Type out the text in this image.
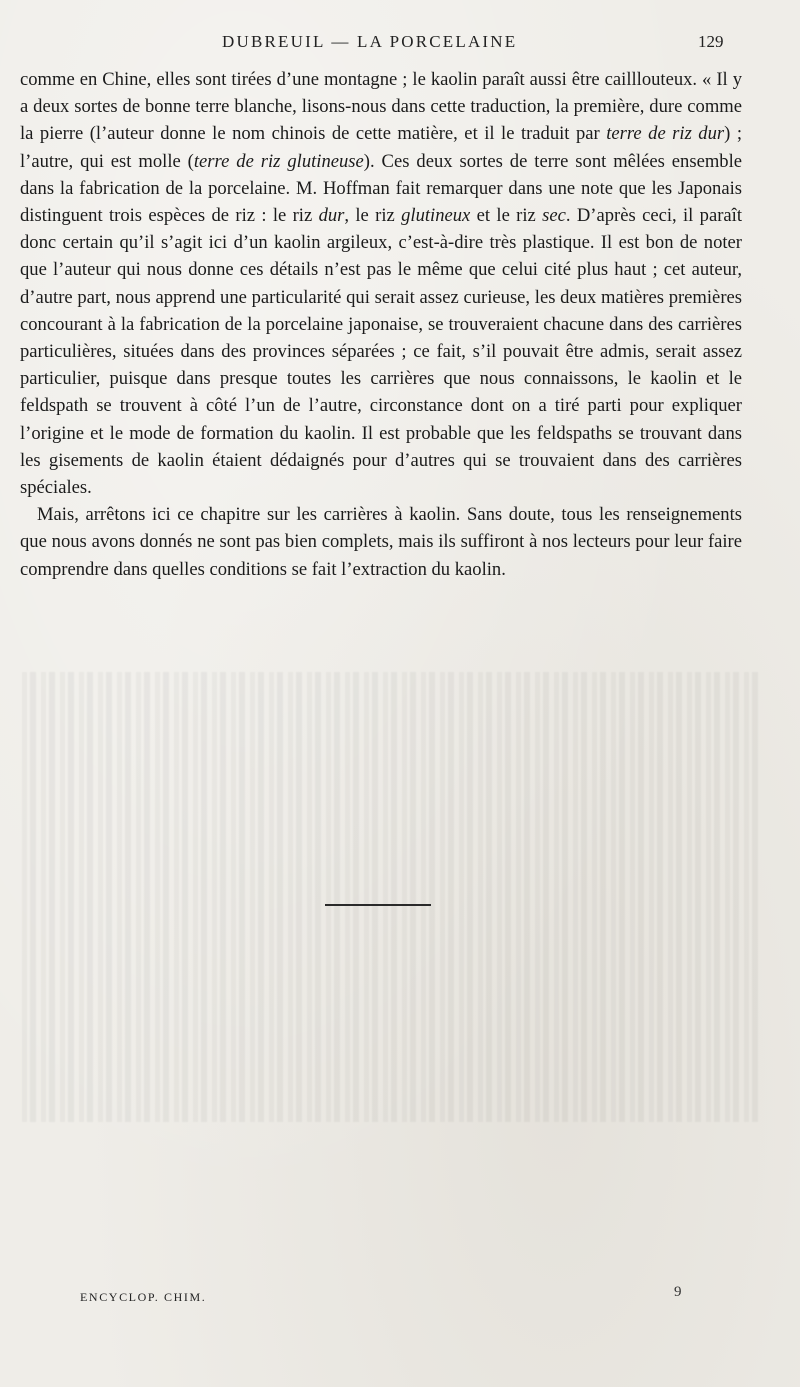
DUBREUIL — LA PORCELAINE	129

comme en Chine, elles sont tirées d’une montagne ; le kaolin paraît aussi être cailllouteux. « Il y a deux sortes de bonne terre blanche, lisons-nous dans cette traduction, la première, dure comme la pierre (l’auteur donne le nom chinois de cette matière, et il le traduit par terre de riz dur) ; l’autre, qui est molle (terre de riz glutineuse). Ces deux sortes de terre sont mêlées ensemble dans la fabrication de la porcelaine. M. Hoffman fait remarquer dans une note que les Japonais distinguent trois espèces de riz : le riz dur, le riz glutineux et le riz sec. D’après ceci, il paraît donc certain qu’il s’agit ici d’un kaolin argileux, c’est-à-dire très plastique. Il est bon de noter que l’auteur qui nous donne ces détails n’est pas le même que celui cité plus haut ; cet auteur, d’autre part, nous apprend une particularité qui serait assez curieuse, les deux matières premières concourant à la fabrication de la porcelaine japonaise, se trouveraient chacune dans des carrières particulières, situées dans des provinces séparées ; ce fait, s’il pouvait être admis, serait assez particulier, puisque dans presque toutes les carrières que nous connaissons, le kaolin et le feldspath se trouvent à côté l’un de l’autre, circonstance dont on a tiré parti pour expliquer l’origine et le mode de formation du kaolin. Il est probable que les feldspaths se trouvant dans les gisements de kaolin étaient dédaignés pour d’autres qui se trouvaient dans des carrières spéciales.

Mais, arrêtons ici ce chapitre sur les carrières à kaolin. Sans doute, tous les renseignements que nous avons donnés ne sont pas bien complets, mais ils suffiront à nos lecteurs pour leur faire comprendre dans quelles conditions se fait l’extraction du kaolin.

ENCYCLOP. CHIM.	9
